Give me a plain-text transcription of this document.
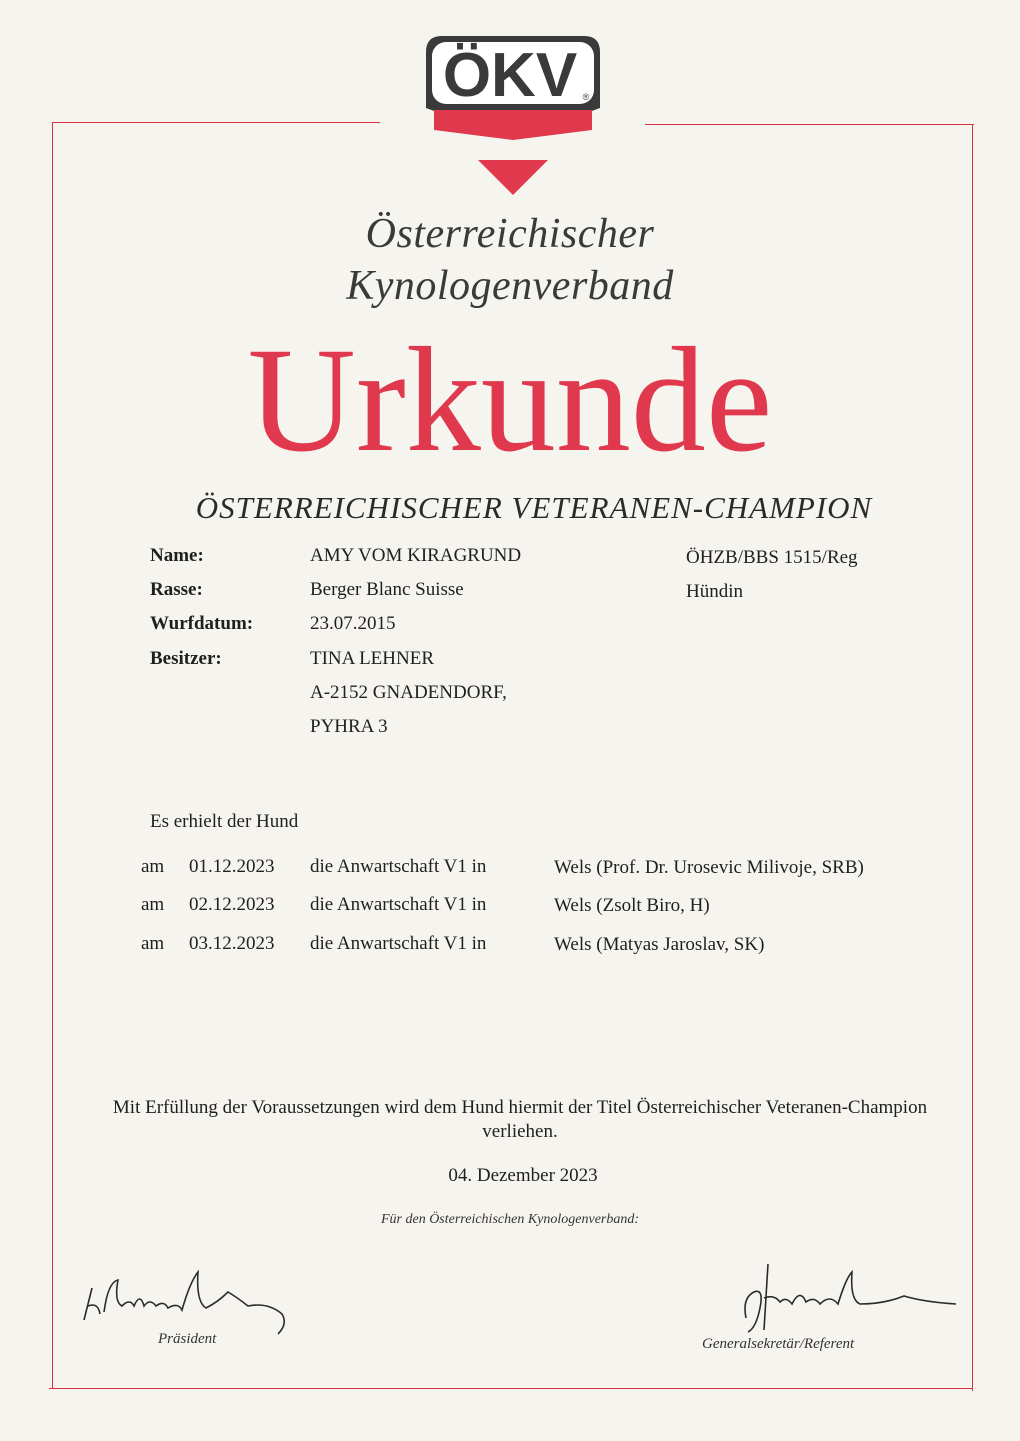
ÖKV ®
Österreichischer
Kynologenverband
Urkunde
ÖSTERREICHISCHER VETERANEN-CHAMPION
Name:	AMY VOM KIRAGRUND	ÖHZB/BBS 1515/Reg
Rasse:	Berger Blanc Suisse	Hündin
Wurfdatum:	23.07.2015
Besitzer:	TINA LEHNER
A-2152 GNADENDORF,
PYHRA 3
Es erhielt der Hund
am 01.12.2023 die Anwartschaft V1 in	Wels (Prof. Dr. Urosevic Milivoje, SRB)
am 02.12.2023 die Anwartschaft V1 in	Wels (Zsolt Biro, H)
am 03.12.2023 die Anwartschaft V1 in	Wels (Matyas Jaroslav, SK)
Mit Erfüllung der Voraussetzungen wird dem Hund hiermit der Titel Österreichischer Veteranen-Champion
verliehen.
04. Dezember 2023
Für den Österreichischen Kynologenverband:
Präsident	Generalsekretär/Referent
